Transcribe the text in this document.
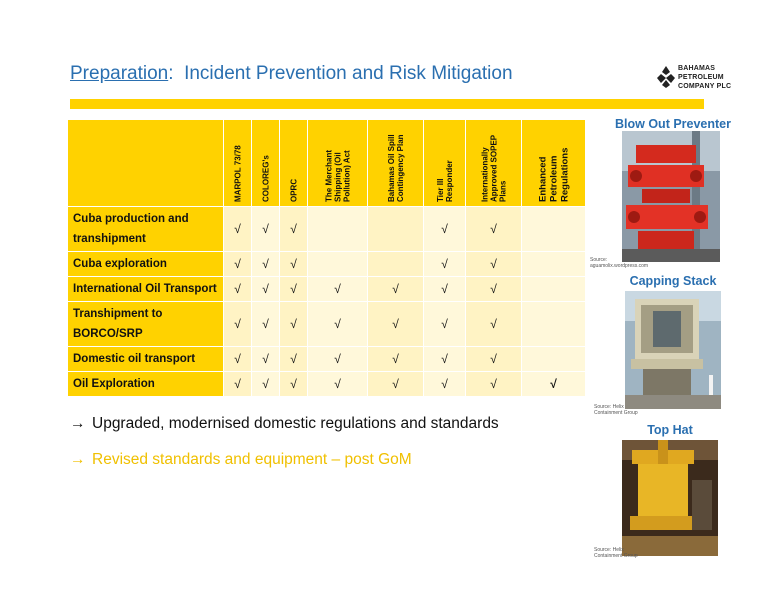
Preparation:  Incident Prevention and Risk Mitigation	BAHAMAS
PETROLEUM
COMPANY PLC

	MARPOL 73/78	COLOREG's	OPRC	The Merchant Shipping (Oil Pollution) Act	Bahamas Oil Spill Contingency Plan	Tier III Responder	Internationally Approved SOPEP Plans	Enhanced Petroleum Regulations

Cuba production and transhipment	√	√	√			√	√	
Cuba exploration	√	√	√			√	√	
International Oil Transport	√	√	√	√	√	√	√	
Transhipment to BORCO/SRP	√	√	√	√	√	√	√	
Domestic oil transport	√	√	√	√	√	√	√	
Oil Exploration	√	√	√	√	√	√	√	√
→ Upgraded, modernised domestic regulations and standards
→ Revised standards and equipment – post GoM
Blow Out Preventer
Source:
aguamolix.wordpress.com
Capping Stack
Source: Helix
Containment Group
Top Hat
Source: Helix
Containment Group
